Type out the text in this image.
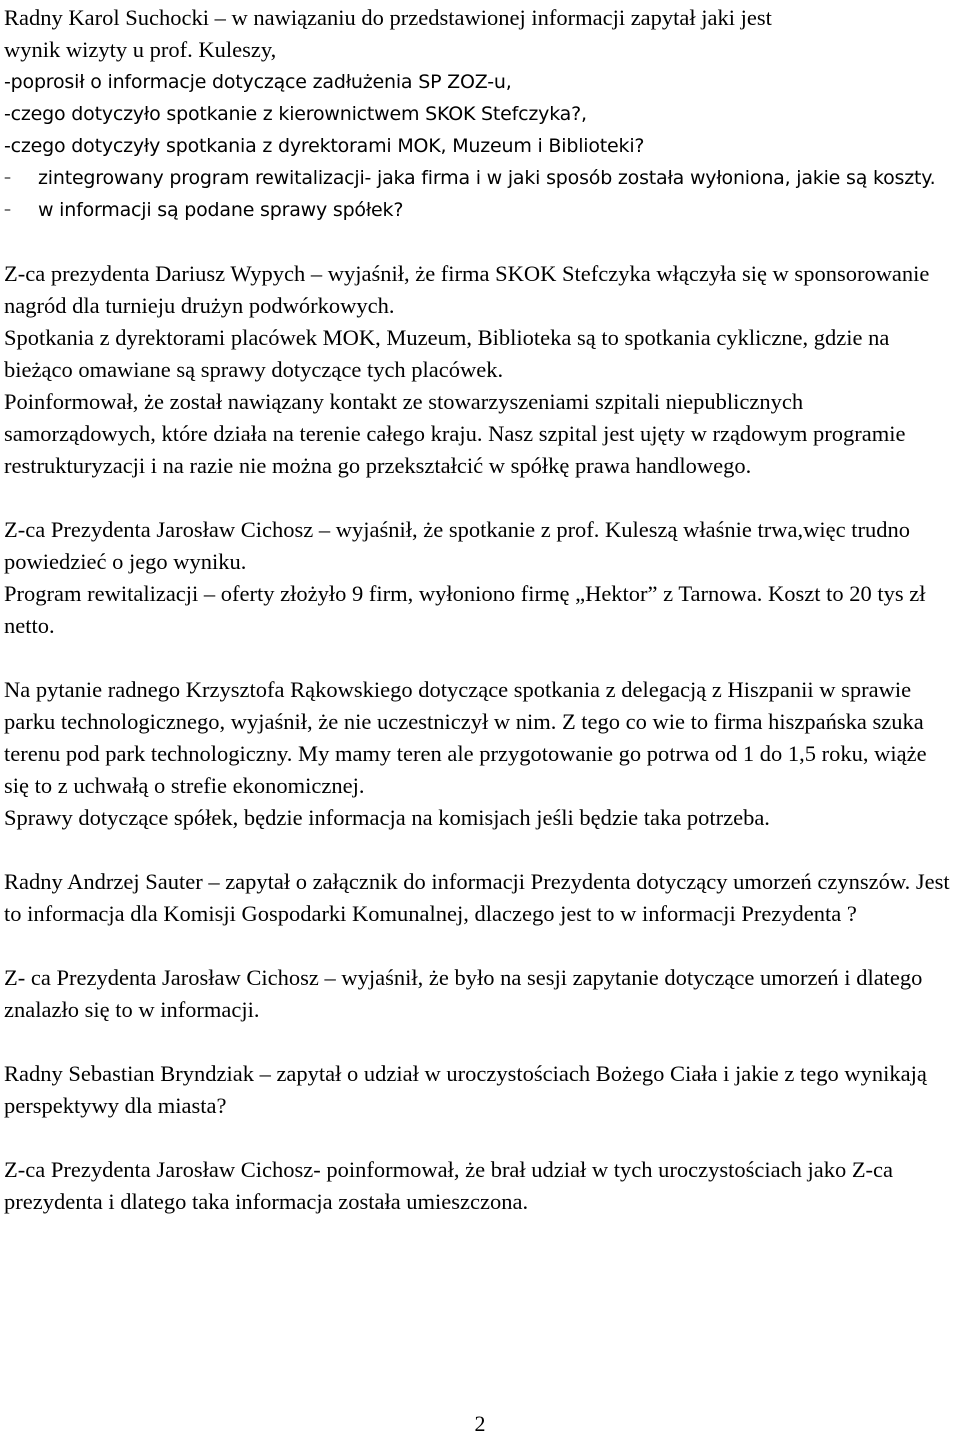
Radny Karol Suchocki – w nawiązaniu do przedstawionej informacji zapytał jaki jest

wynik wizyty u prof. Kuleszy,

-poprosił o informacje dotyczące zadłużenia SP ZOZ-u,

-czego dotyczyło spotkanie z kierownictwem SKOK Stefczyka?,

-czego dotyczyły spotkania z dyrektorami MOK, Muzeum i Biblioteki?

–	zintegrowany program rewitalizacji- jaka firma i w jaki sposób została wyłoniona, jakie są koszty.
–	w informacji są podane sprawy spółek?

Z-ca prezydenta Dariusz Wypych – wyjaśnił, że firma SKOK Stefczyka włączyła się w sponsorowanie nagród dla turnieju drużyn podwórkowych.

Spotkania z dyrektorami placówek MOK, Muzeum, Biblioteka są to spotkania cykliczne, gdzie na bieżąco omawiane są sprawy dotyczące tych placówek.

Poinformował, że został nawiązany kontakt ze stowarzyszeniami szpitali niepublicznych samorządowych, które działa na terenie całego kraju. Nasz szpital jest ujęty w rządowym programie restrukturyzacji i na razie nie można go przekształcić w spółkę prawa handlowego.

Z-ca Prezydenta Jarosław Cichosz – wyjaśnił, że spotkanie z prof. Kuleszą właśnie trwa,więc trudno powiedzieć o jego wyniku.

Program rewitalizacji – oferty złożyło 9 firm, wyłoniono firmę „Hektor” z Tarnowa. Koszt to 20 tys zł netto.

Na pytanie radnego Krzysztofa Rąkowskiego dotyczące spotkania z delegacją z Hiszpanii w sprawie parku technologicznego, wyjaśnił, że nie uczestniczył w nim. Z tego co wie to firma hiszpańska szuka terenu pod park technologiczny. My mamy teren ale przygotowanie go potrwa od 1 do 1,5 roku, wiąże się to z uchwałą o strefie ekonomicznej.

Sprawy dotyczące spółek, będzie informacja na komisjach jeśli będzie taka potrzeba.

Radny Andrzej Sauter – zapytał o załącznik do informacji Prezydenta dotyczący umorzeń czynszów. Jest to informacja dla Komisji Gospodarki Komunalnej, dlaczego jest to w informacji Prezydenta ?

Z- ca Prezydenta Jarosław Cichosz – wyjaśnił, że było na sesji zapytanie dotyczące umorzeń i dlatego znalazło się to w informacji.

Radny Sebastian Bryndziak – zapytał o udział w uroczystościach Bożego Ciała i jakie z tego wynikają perspektywy dla miasta?

Z-ca Prezydenta Jarosław Cichosz- poinformował, że brał udział w tych uroczystościach jako Z-ca prezydenta i dlatego taka informacja została umieszczona.

2
